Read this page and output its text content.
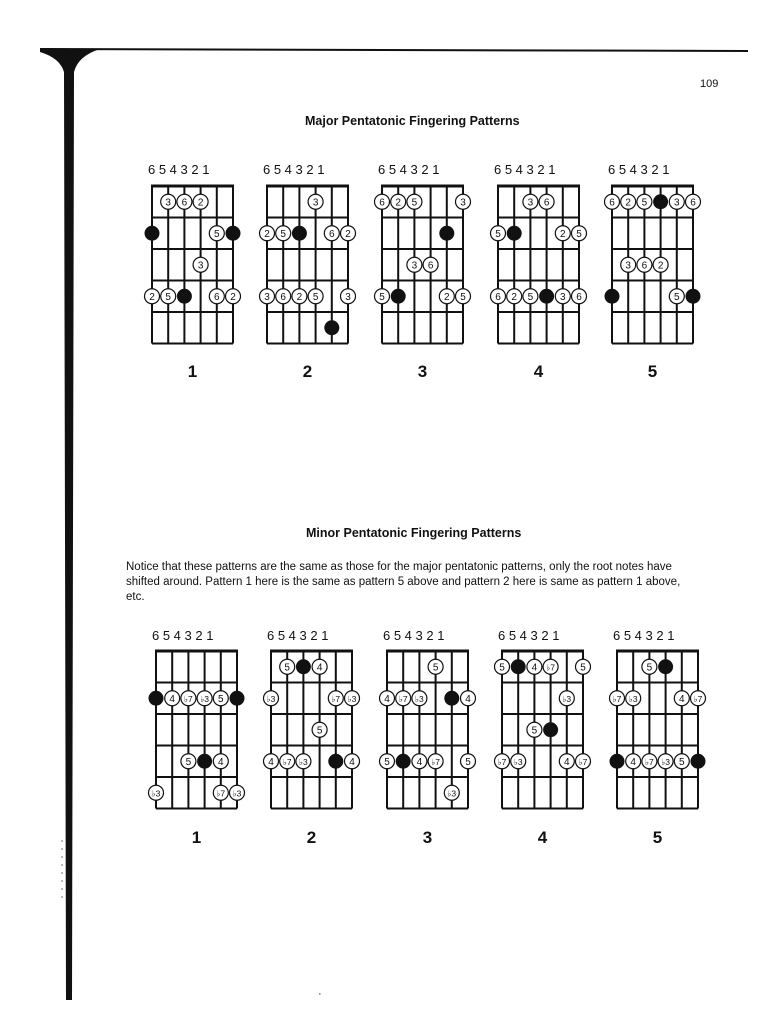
109
Major Pentatonic Fingering Patterns
Minor Pentatonic Fingering Patterns
Notice that these patterns are the same as those for the major pentatonic patterns, only the root notes have shifted around. Pattern 1 here is the same as pattern 5 above and pattern 2 here is same as pattern 1 above, etc.
6 5 4 3 2 1
1
3 6 2
5
3
2 5	6 2
6 5 4 3 2 1
2
3
2 5	6 2
3 6 2 5	3
6 5 4 3 2 1
3
6 2 5	3
3 6
5	2 5
6 5 4 3 2 1
4
3 6
5	2 5
6 2 5	3 6
6 5 4 3 2 1
5
6 2 5	3 6
3 6 2
5
6 5 4 3 2 1
1
4 ♭7 ♭3 5
5	4
♭3	♭7 ♭3
6 5 4 3 2 1
2
5	4
♭3	♭7 ♭3
5
4 ♭7 ♭3	4
6 5 4 3 2 1
3
5
4 ♭7 ♭3	4
5	4 ♭7	5
♭3
6 5 4 3 2 1
4
5	4 ♭7	5
♭3
5
♭7 ♭3	4 ♭7
6 5 4 3 2 1
5
5
♭7 ♭3	4 ♭7
4 ♭7 ♭3 5
·
